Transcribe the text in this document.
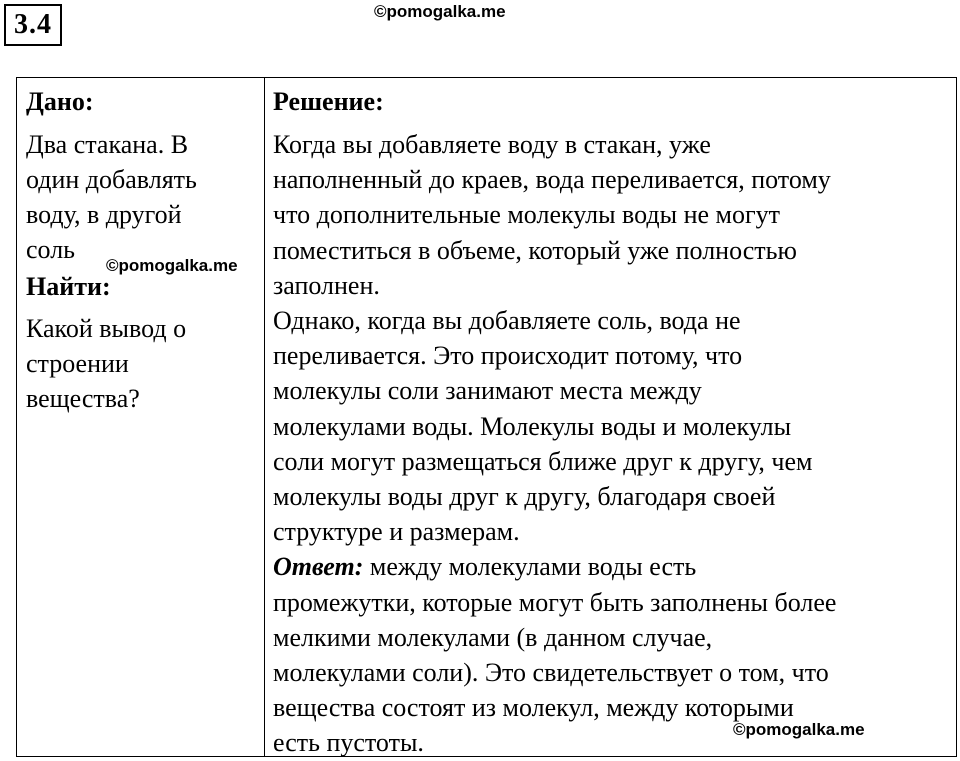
3.4	©pomogalka.me
Дано:
Два стакана. В
один добавлять
воду, в другой
соль
Найти:
Какой вывод о
строении
вещества?
Решение:
Когда вы добавляете воду в стакан, уже
наполненный до краев, вода переливается, потому
что дополнительные молекулы воды не могут
поместиться в объеме, который уже полностью
заполнен.
Однако, когда вы добавляете соль, вода не
переливается. Это происходит потому, что
молекулы соли занимают места между
молекулами воды. Молекулы воды и молекулы
соли могут размещаться ближе друг к другу, чем
молекулы воды друг к другу, благодаря своей
структуре и размерам.
Ответ: между молекулами воды есть
промежутки, которые могут быть заполнены более
мелкими молекулами (в данном случае,
молекулами соли). Это свидетельствует о том, что
вещества состоят из молекул, между которыми
есть пустоты.
©pomogalka.me
©pomogalka.me
